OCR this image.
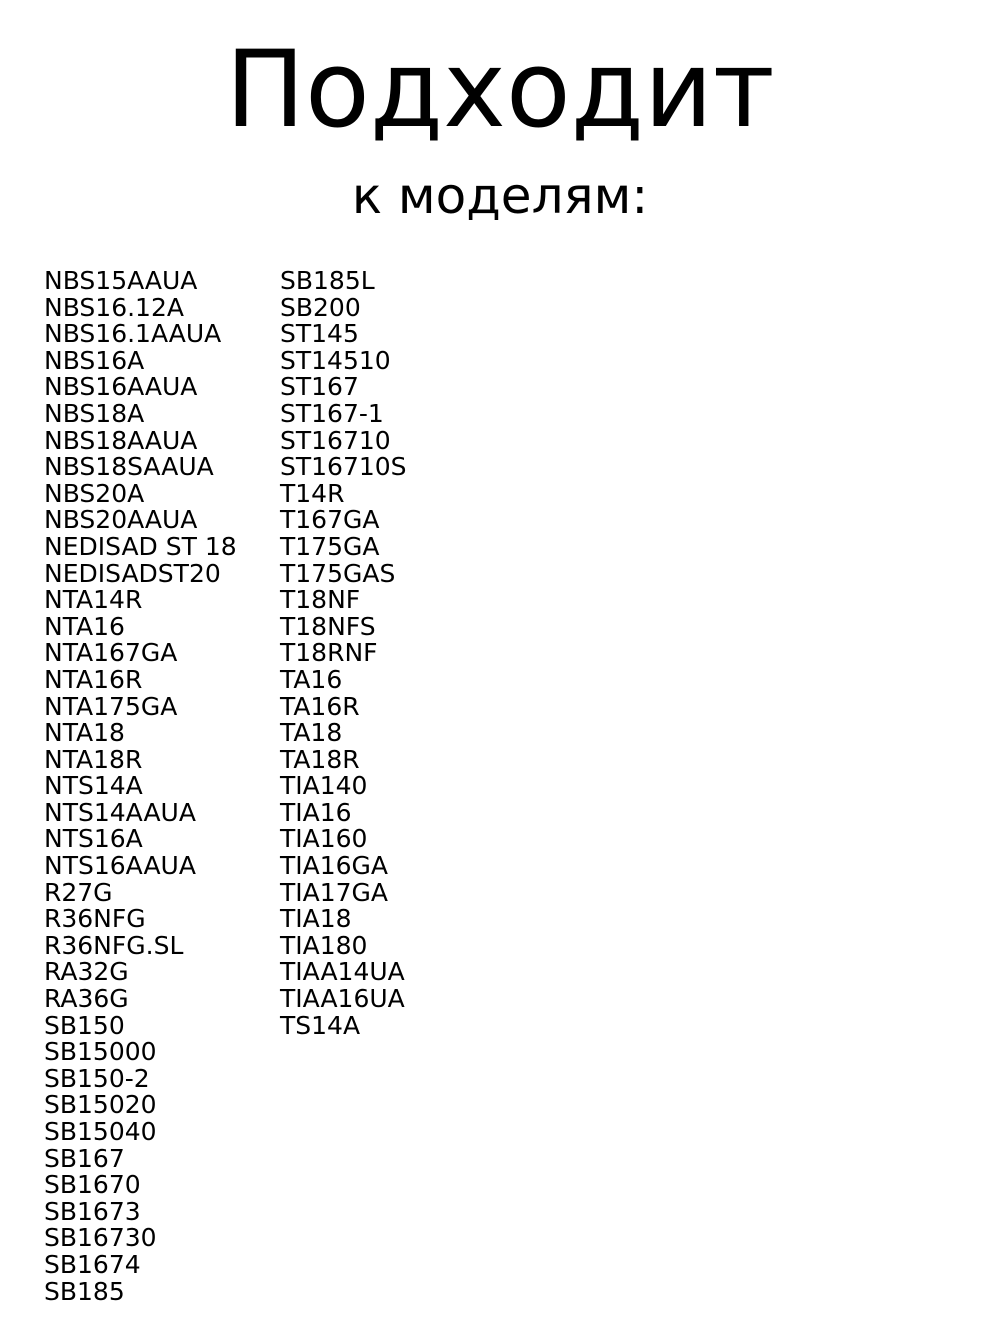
Подходит
к моделям:
NBS15AAUA
NBS16.12A
NBS16.1AAUA
NBS16A
NBS16AAUA
NBS18A
NBS18AAUA
NBS18SAAUA
NBS20A
NBS20AAUA
NEDISAD ST 18
NEDISADST20
NTA14R
NTA16
NTA167GA
NTA16R
NTA175GA
NTA18
NTA18R
NTS14A
NTS14AAUA
NTS16A
NTS16AAUA
R27G
R36NFG
R36NFG.SL
RA32G
RA36G
SB150
SB15000
SB150-2
SB15020
SB15040
SB167
SB1670
SB1673
SB16730
SB1674
SB185
SB185L
SB200
ST145
ST14510
ST167
ST167-1
ST16710
ST16710S
T14R
T167GA
T175GA
T175GAS
T18NF
T18NFS
T18RNF
TA16
TA16R
TA18
TA18R
TIA140
TIA16
TIA160
TIA16GA
TIA17GA
TIA18
TIA180
TIAA14UA
TIAA16UA
TS14A
